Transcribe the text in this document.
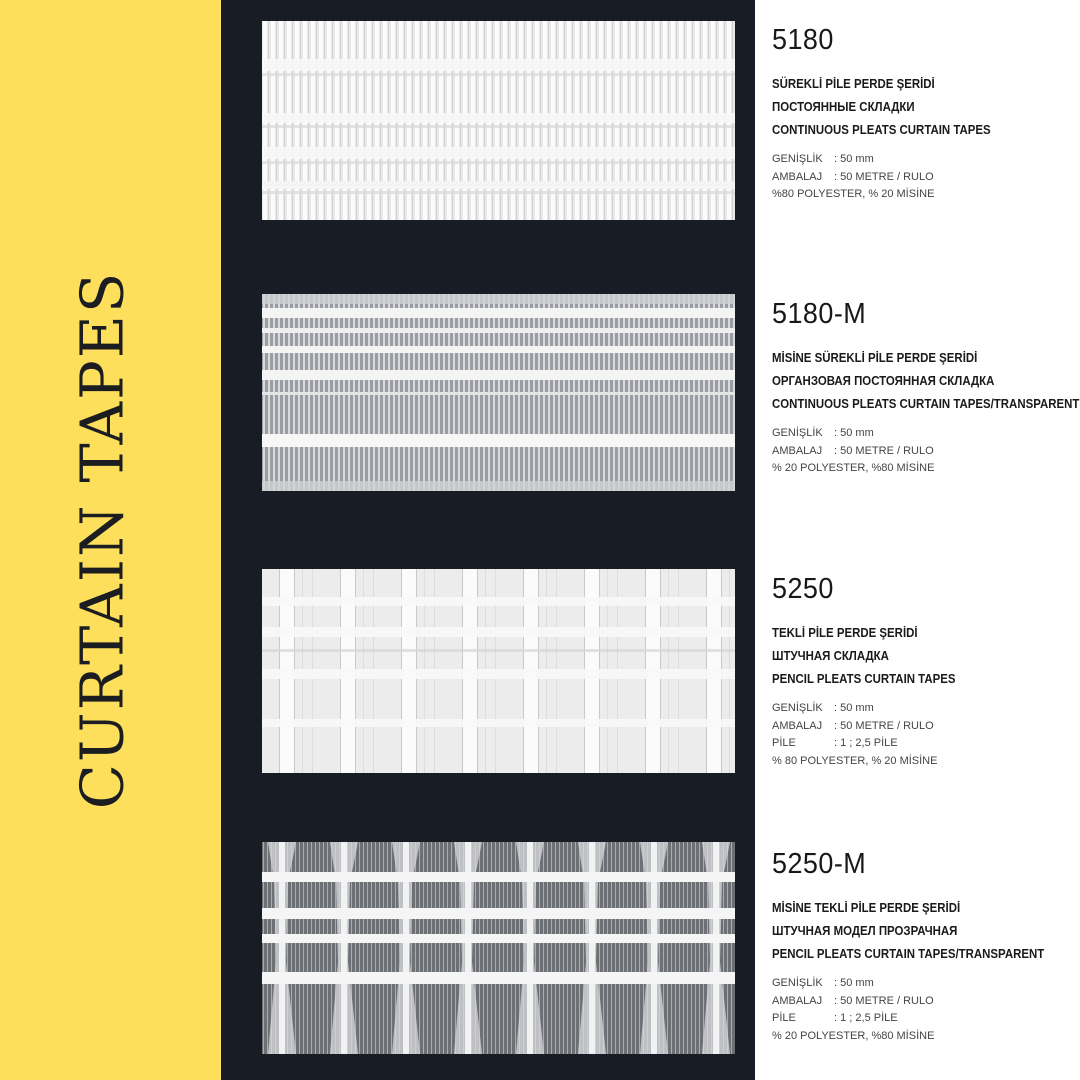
CURTAIN TAPES
5180
SÜREKLİ PİLE PERDE ŞERİDİ
ПОСТОЯННЫЕ СКЛАДКИ
CONTINUOUS PLEATS CURTAIN TAPES
GENİŞLİK : 50 mm
AMBALAJ : 50 METRE / RULO
%80 POLYESTER, % 20 MİSİNE
5180-M
MİSİNE SÜREKLİ PİLE PERDE ŞERİDİ
ОРГАНЗОВАЯ ПОСТОЯННАЯ СКЛАДКА
CONTINUOUS PLEATS CURTAIN TAPES/TRANSPARENT
GENİŞLİK : 50 mm
AMBALAJ : 50 METRE / RULO
% 20 POLYESTER, %80 MİSİNE
5250
TEKLİ PİLE PERDE ŞERİDİ
ШТУЧНАЯ СКЛАДКА
PENCIL PLEATS CURTAIN TAPES
GENİŞLİK : 50 mm
AMBALAJ : 50 METRE / RULO
PİLE	: 1 ; 2,5 PİLE
% 80 POLYESTER, % 20 MİSİNE
5250-M
MİSİNE TEKLİ PİLE PERDE ŞERİDİ
ШТУЧНАЯ МОДЕЛ ПРОЗРАЧНАЯ
PENCIL PLEATS CURTAIN TAPES/TRANSPARENT
GENİŞLİK : 50 mm
AMBALAJ : 50 METRE / RULO
PİLE	: 1 ; 2,5 PİLE
% 20 POLYESTER, %80 MİSİNE
